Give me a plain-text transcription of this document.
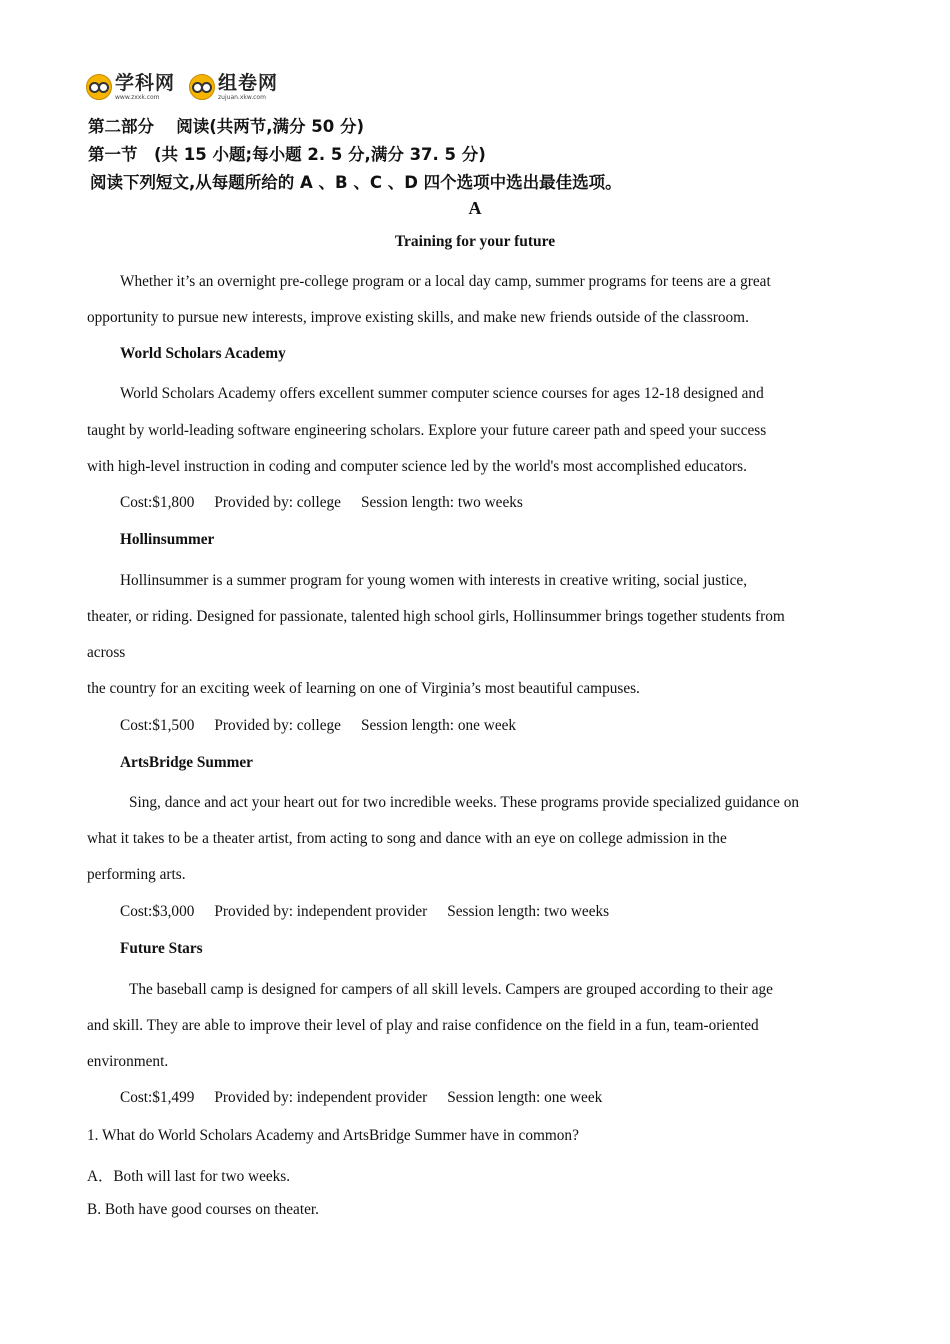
学科网
www.zxxk.com
组卷网
zujuan.xkw.com
第二部分　 阅读(共两节,满分 50 分)
第一节　(共 15 小题;每小题 2. 5 分,满分 37. 5 分)
阅读下列短文,从每题所给的 A 、B 、C 、D 四个选项中选出最佳选项。
A
Training for your future
Whether it’s an overnight pre-college program or a local day camp, summer programs for teens are a great
opportunity to pursue new interests, improve existing skills, and make new friends outside of the classroom.
World Scholars Academy
World Scholars Academy offers excellent summer computer science courses for ages 12-18 designed and
taught by world-leading software engineering scholars. Explore your future career path and speed your success
with high-level instruction in coding and computer science led by the world's most accomplished educators.
Cost:$1,800 Provided by: college Session length: two weeks
Hollinsummer
Hollinsummer is a summer program for young women with interests in creative writing, social justice,
theater, or riding. Designed for passionate, talented high school girls, Hollinsummer brings together students from
across
the country for an exciting week of learning on one of Virginia’s most beautiful campuses.
Cost:$1,500 Provided by: college Session length: one week
ArtsBridge Summer
Sing, dance and act your heart out for two incredible weeks. These programs provide specialized guidance on
what it takes to be a theater artist, from acting to song and dance with an eye on college admission in the
performing arts.
Cost:$3,000 Provided by: independent provider Session length: two weeks
Future Stars
The baseball camp is designed for campers of all skill levels. Campers are grouped according to their age
and skill. They are able to improve their level of play and raise confidence on the field in a fun, team-oriented
environment.
Cost:$1,499 Provided by: independent provider Session length: one week
1. What do World Scholars Academy and ArtsBridge Summer have in common?
A．Both will last for two weeks.
B. Both have good courses on theater.
